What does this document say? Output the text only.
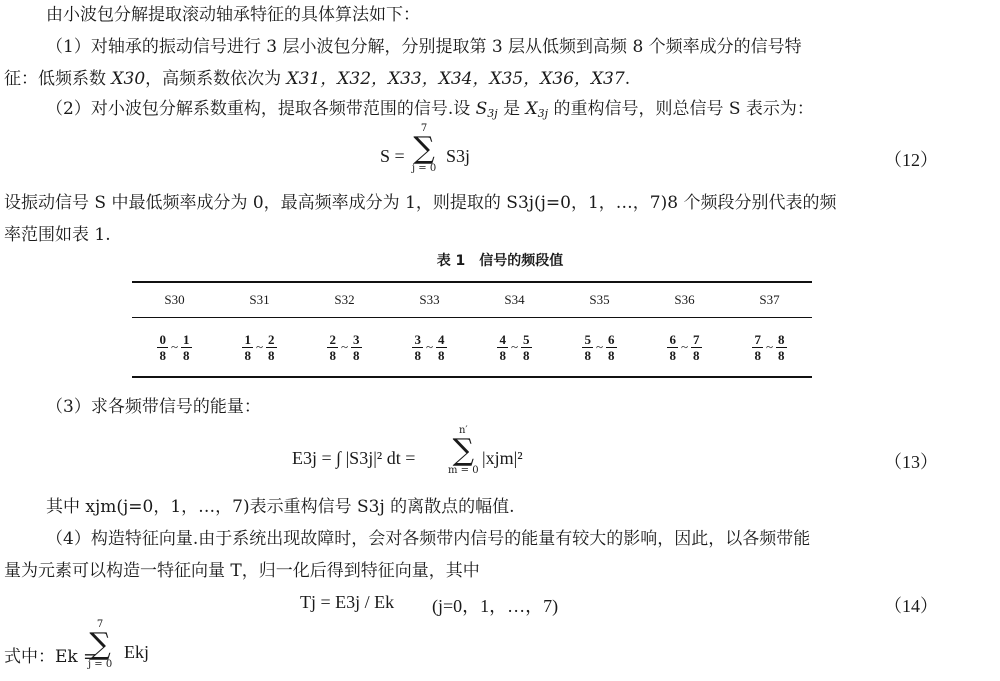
由小波包分解提取滚动轴承特征的具体算法如下：
（1）对轴承的振动信号进行 3 层小波包分解，分别提取第 3 层从低频到高频 8 个频率成分的信号特
征：低频系数 X30，高频系数依次为 X31，X32，X33，X34，X35，X36，X37.
（2）对小波包分解系数重构，提取各频带范围的信号.设 $S_{3j}$ 是 $X_{3j}$ 的重构信号，则总信号 S 表示为：
S =
7
∑
j = 0
S3j	（12）
设振动信号 S 中最低频率成分为 0，最高频率成分为 1，则提取的 S3j(j=0，1，…，7)8 个频段分别代表的频
率范围如表 1.
表 1　信号的频段值
S30	S31	S32	S33	S34	S35	S36	S37

$\frac{0}{8}$ ~ $\frac{1}{8}$	$\frac{1}{8}$ ~ $\frac{2}{8}$	$\frac{2}{8}$ ~ $\frac{3}{8}$	$\frac{3}{8}$ ~ $\frac{4}{8}$	$\frac{4}{8}$ ~ $\frac{5}{8}$	$\frac{5}{8}$ ~ $\frac{6}{8}$	$\frac{6}{8}$ ~ $\frac{7}{8}$	$\frac{7}{8}$ ~ $\frac{8}{8}$
（3）求各频带信号的能量：
E3j = ∫ |S3j|² dt =
n′
∑
m = 0
|xjm|²	（13）
其中 xjm(j=0，1，…，7)表示重构信号 S3j 的离散点的幅值.
（4）构造特征向量.由于系统出现故障时，会对各频带内信号的能量有较大的影响，因此，以各频带能
量为元素可以构造一特征向量 T，归一化后得到特征向量，其中
Tj = E3j / Ek (j=0，1，…，7)	（14）
式中：Ek =
7
∑
j = 0
Ekj
